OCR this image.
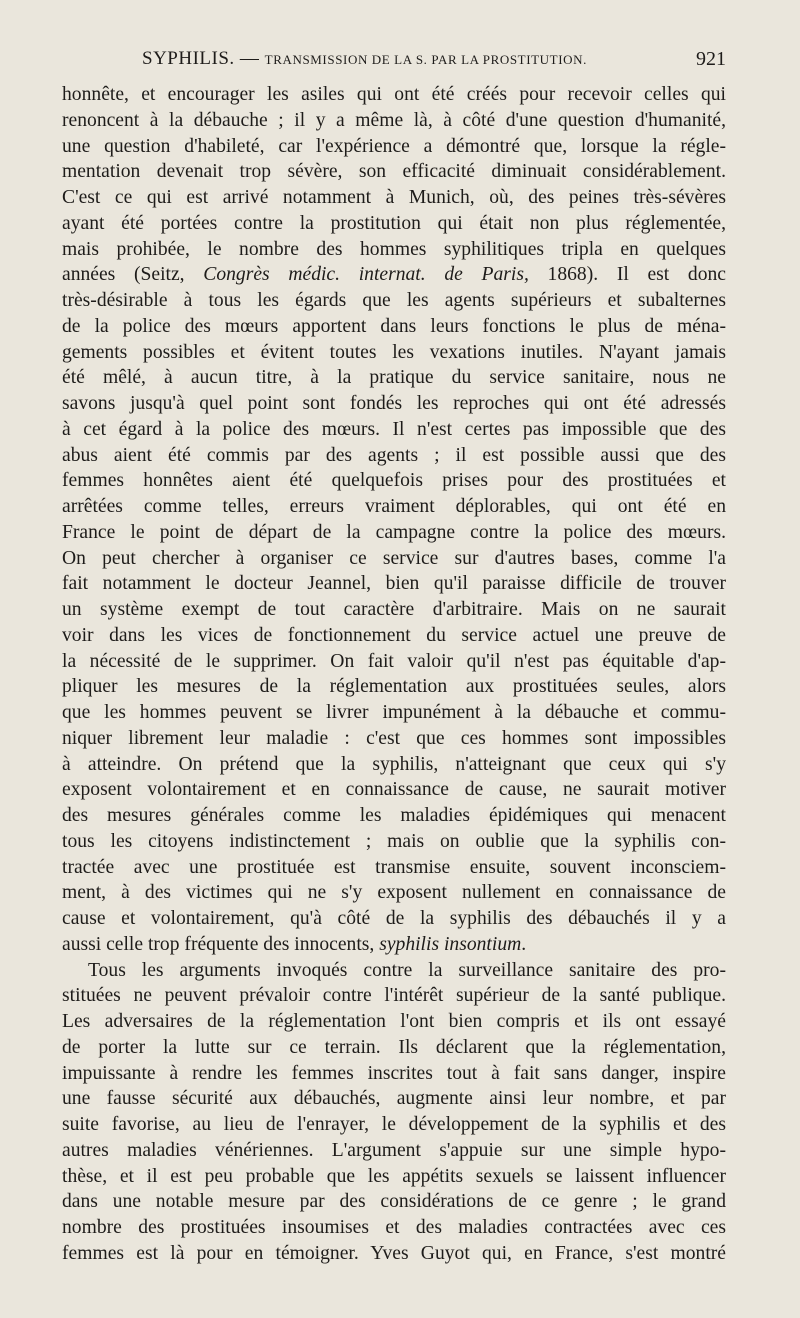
SYPHILIS. — TRANSMISSION DE LA S. PAR LA PROSTITUTION.	921
honnête, et encourager les asiles qui ont été créés pour recevoir celles qui
renoncent à la débauche ; il y a même là, à côté d'une question d'humanité,
une question d'habileté, car l'expérience a démontré que, lorsque la régle-
mentation devenait trop sévère, son efficacité diminuait considérablement.
C'est ce qui est arrivé notamment à Munich, où, des peines très-sévères
ayant été portées contre la prostitution qui était non plus réglementée,
mais prohibée, le nombre des hommes syphilitiques tripla en quelques
années (Seitz, Congrès médic. internat. de Paris, 1868). Il est donc
très-désirable à tous les égards que les agents supérieurs et subalternes
de la police des mœurs apportent dans leurs fonctions le plus de ména-
gements possibles et évitent toutes les vexations inutiles. N'ayant jamais
été mêlé, à aucun titre, à la pratique du service sanitaire, nous ne
savons jusqu'à quel point sont fondés les reproches qui ont été adressés
à cet égard à la police des mœurs. Il n'est certes pas impossible que des
abus aient été commis par des agents ; il est possible aussi que des
femmes honnêtes aient été quelquefois prises pour des prostituées et
arrêtées comme telles, erreurs vraiment déplorables, qui ont été en
France le point de départ de la campagne contre la police des mœurs.
On peut chercher à organiser ce service sur d'autres bases, comme l'a
fait notamment le docteur Jeannel, bien qu'il paraisse difficile de trouver
un système exempt de tout caractère d'arbitraire. Mais on ne saurait
voir dans les vices de fonctionnement du service actuel une preuve de
la nécessité de le supprimer. On fait valoir qu'il n'est pas équitable d'ap-
pliquer les mesures de la réglementation aux prostituées seules, alors
que les hommes peuvent se livrer impunément à la débauche et commu-
niquer librement leur maladie : c'est que ces hommes sont impossibles
à atteindre. On prétend que la syphilis, n'atteignant que ceux qui s'y
exposent volontairement et en connaissance de cause, ne saurait motiver
des mesures générales comme les maladies épidémiques qui menacent
tous les citoyens indistinctement ; mais on oublie que la syphilis con-
tractée avec une prostituée est transmise ensuite, souvent inconsciem-
ment, à des victimes qui ne s'y exposent nullement en connaissance de
cause et volontairement, qu'à côté de la syphilis des débauchés il y a
aussi celle trop fréquente des innocents, syphilis insontium.
Tous les arguments invoqués contre la surveillance sanitaire des pro-
stituées ne peuvent prévaloir contre l'intérêt supérieur de la santé publique.
Les adversaires de la réglementation l'ont bien compris et ils ont essayé
de porter la lutte sur ce terrain. Ils déclarent que la réglementation,
impuissante à rendre les femmes inscrites tout à fait sans danger, inspire
une fausse sécurité aux débauchés, augmente ainsi leur nombre, et par
suite favorise, au lieu de l'enrayer, le développement de la syphilis et des
autres maladies vénériennes. L'argument s'appuie sur une simple hypo-
thèse, et il est peu probable que les appétits sexuels se laissent influencer
dans une notable mesure par des considérations de ce genre ; le grand
nombre des prostituées insoumises et des maladies contractées avec ces
femmes est là pour en témoigner. Yves Guyot qui, en France, s'est montré
